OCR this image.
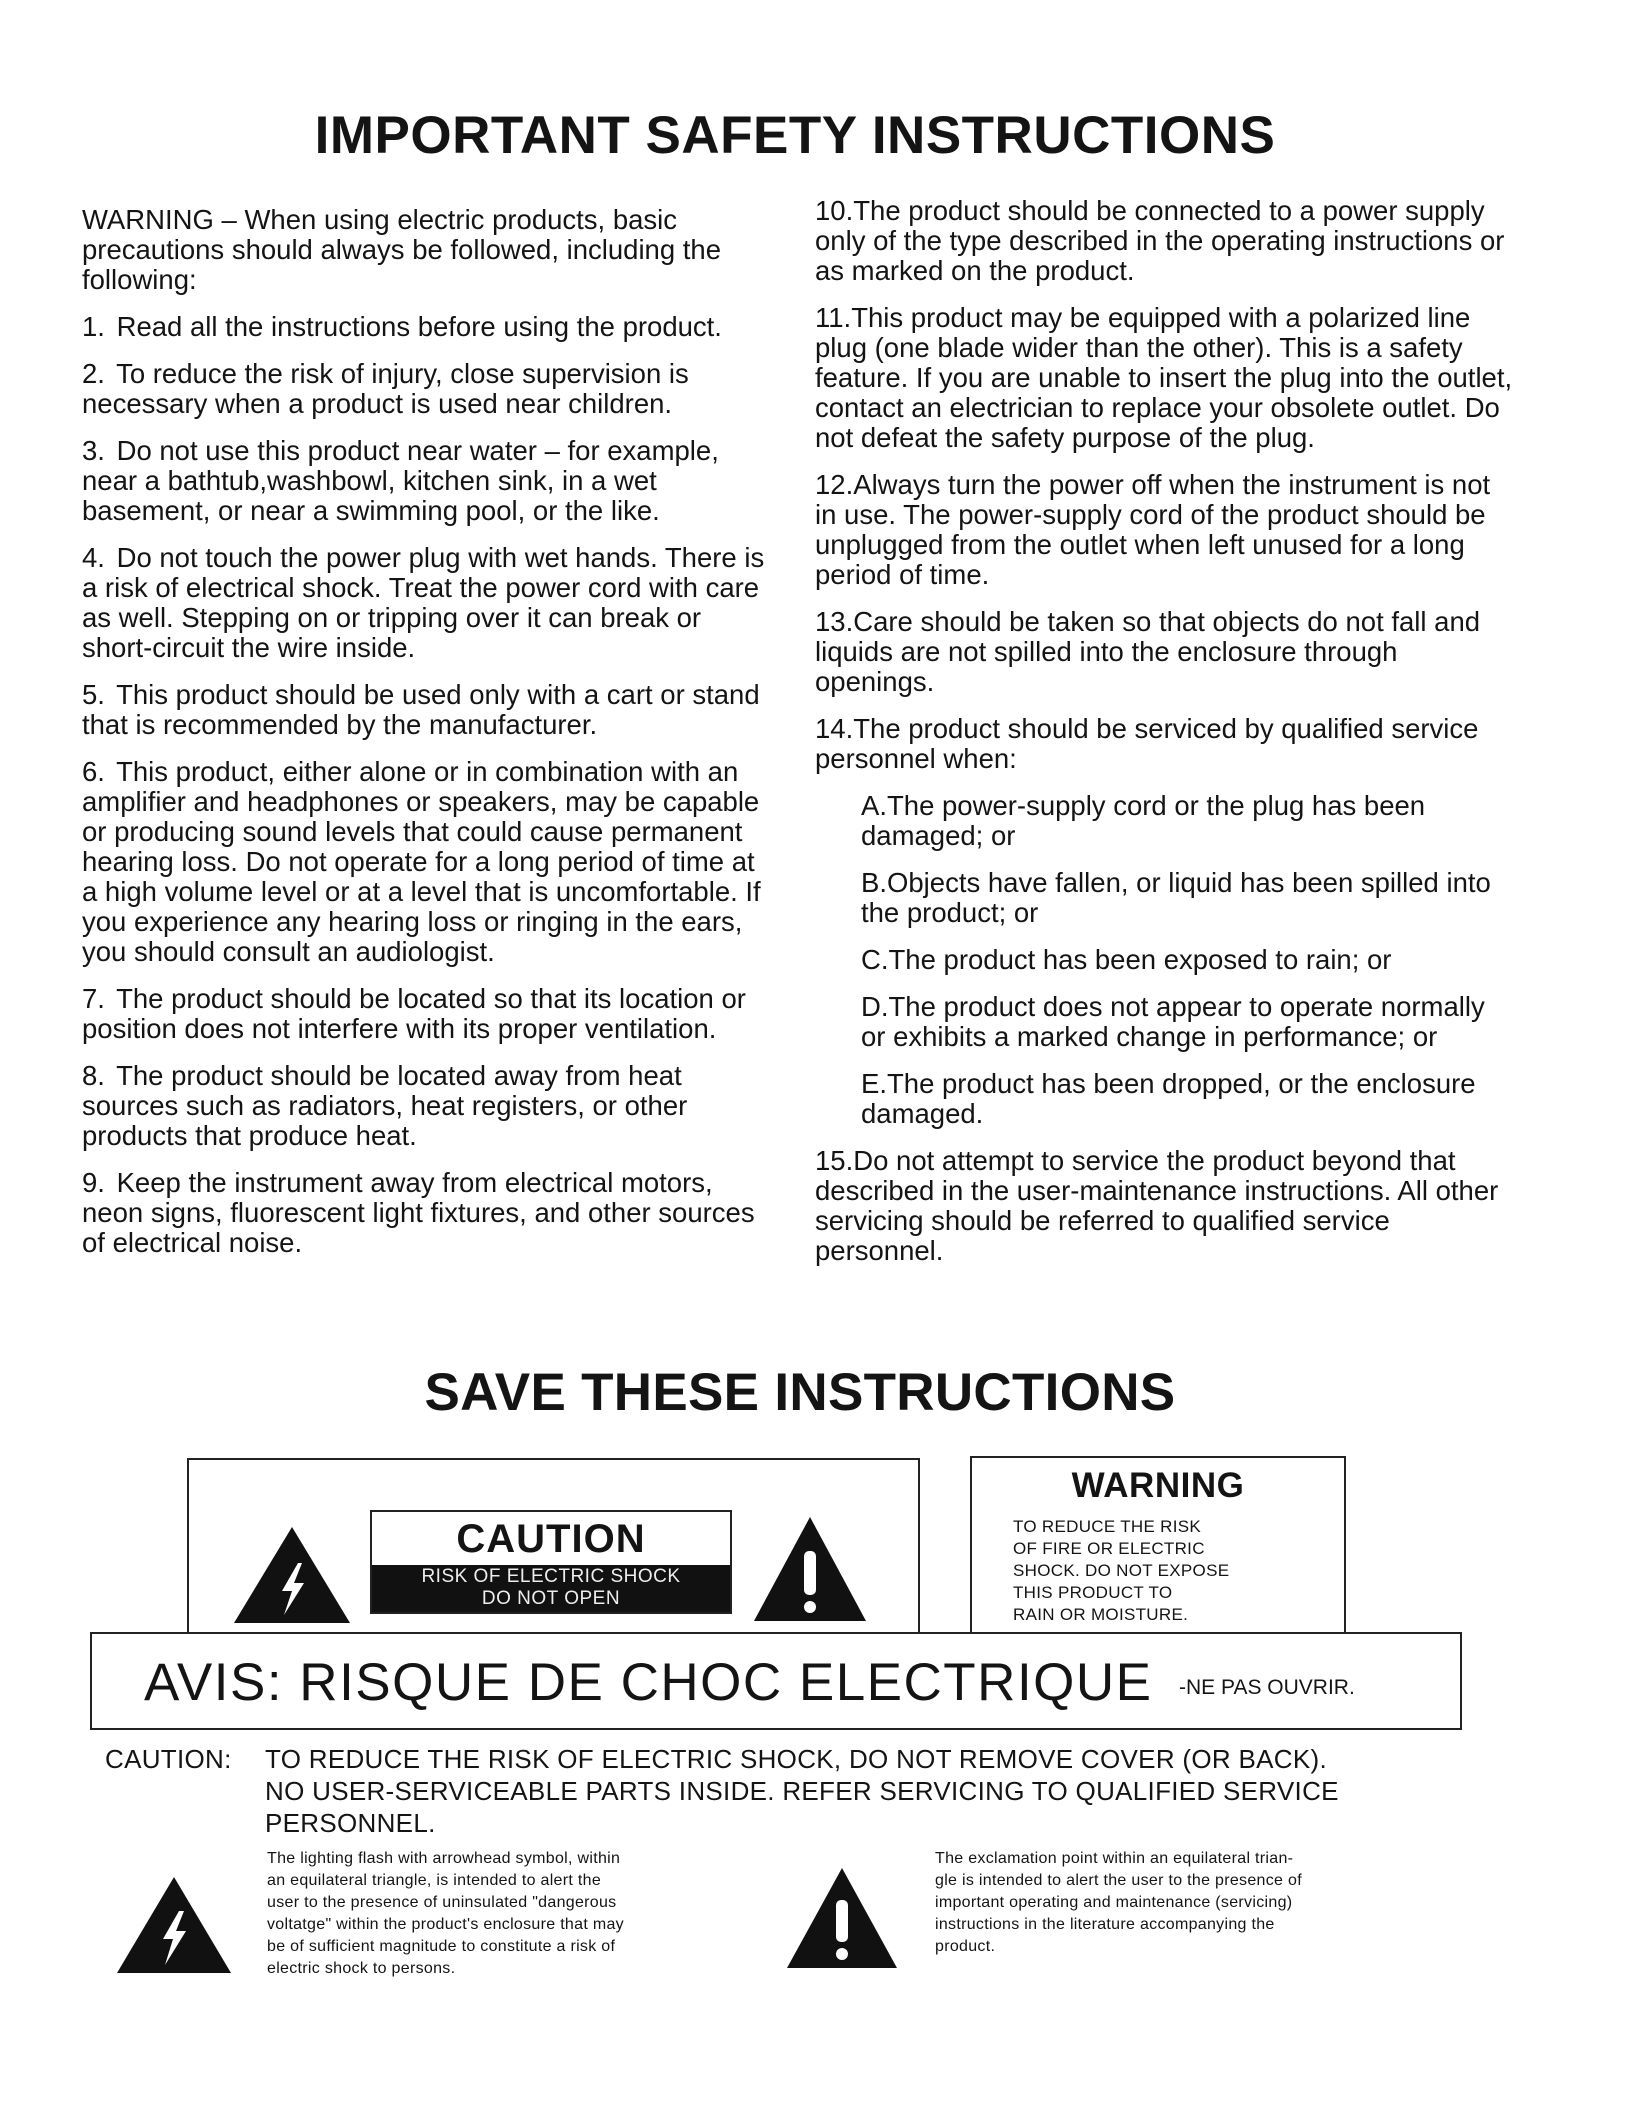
IMPORTANT SAFETY INSTRUCTIONS

WARNING – When using electric products, basic precautions should always be followed, including the following:

1. Read all the instructions before using the product.

2. To reduce the risk of injury, close supervision is necessary when a product is used near children.

3. Do not use this product near water – for example, near a bathtub,washbowl, kitchen sink, in a wet basement, or near a swimming pool, or the like.

4. Do not touch the power plug with wet hands. There is a risk of electrical shock. Treat the power cord with care as well. Stepping on or tripping over it can break or short-circuit the wire inside.

5. This product should be used only with a cart or stand that is recommended by the manufacturer.

6. This product, either alone or in combination with an amplifier and headphones or speakers, may be capable or producing sound levels that could cause permanent hearing loss. Do not operate for a long period of time at a high volume level or at a level that is uncomfortable. If you experience any hearing loss or ringing in the ears, you should consult an audiologist.

7. The product should be located so that its location or position does not interfere with its proper ventilation.

8. The product should be located away from heat sources such as radiators, heat registers, or other products that produce heat.

9. Keep the instrument away from electrical motors, neon signs, fluorescent light fixtures, and other sources of electrical noise.

10.The product should be connected to a power supply only of the type described in the operating instructions or as marked on the product.

11.This product may be equipped with a polarized line plug (one blade wider than the other). This is a safety feature. If you are unable to insert the plug into the outlet, contact an electrician to replace your obsolete outlet. Do not defeat the safety purpose of the plug.

12.Always turn the power off when the instrument is not in use. The power-supply cord of the product should be unplugged from the outlet when left unused for a long period of time.

13.Care should be taken so that objects do not fall and liquids are not spilled into the enclosure through openings.

14.The product should be serviced by qualified service personnel when:

A.The power-supply cord or the plug has been damaged; or

B.Objects have fallen, or liquid has been spilled into the product; or

C.The product has been exposed to rain; or

D.The product does not appear to operate normally or exhibits a marked change in performance; or

E.The product has been dropped, or the enclosure damaged.

15.Do not attempt to service the product beyond that described in the user-maintenance instructions. All other servicing should be referred to qualified service personnel.

SAVE THESE INSTRUCTIONS
CAUTION
RISK OF ELECTRIC SHOCK
DO NOT OPEN
WARNING
TO REDUCE THE RISK
OF FIRE OR ELECTRIC
SHOCK. DO NOT EXPOSE
THIS PRODUCT TO
RAIN OR MOISTURE.
AVIS: RISQUE DE CHOC ELECTRIQUE -NE PAS OUVRIR.
CAUTION: TO REDUCE THE RISK OF ELECTRIC SHOCK, DO NOT REMOVE COVER (OR BACK).
NO USER-SERVICEABLE PARTS INSIDE. REFER SERVICING TO QUALIFIED SERVICE
PERSONNEL.
The lighting flash with arrowhead symbol, within
an equilateral triangle, is intended to alert the
user to the presence of uninsulated "dangerous
voltatge" within the product's enclosure that may
be of sufficient magnitude to constitute a risk of
electric shock to persons.
The exclamation point within an equilateral trian-
gle is intended to alert the user to the presence of
important operating and maintenance (servicing)
instructions in the literature accompanying the
product.
